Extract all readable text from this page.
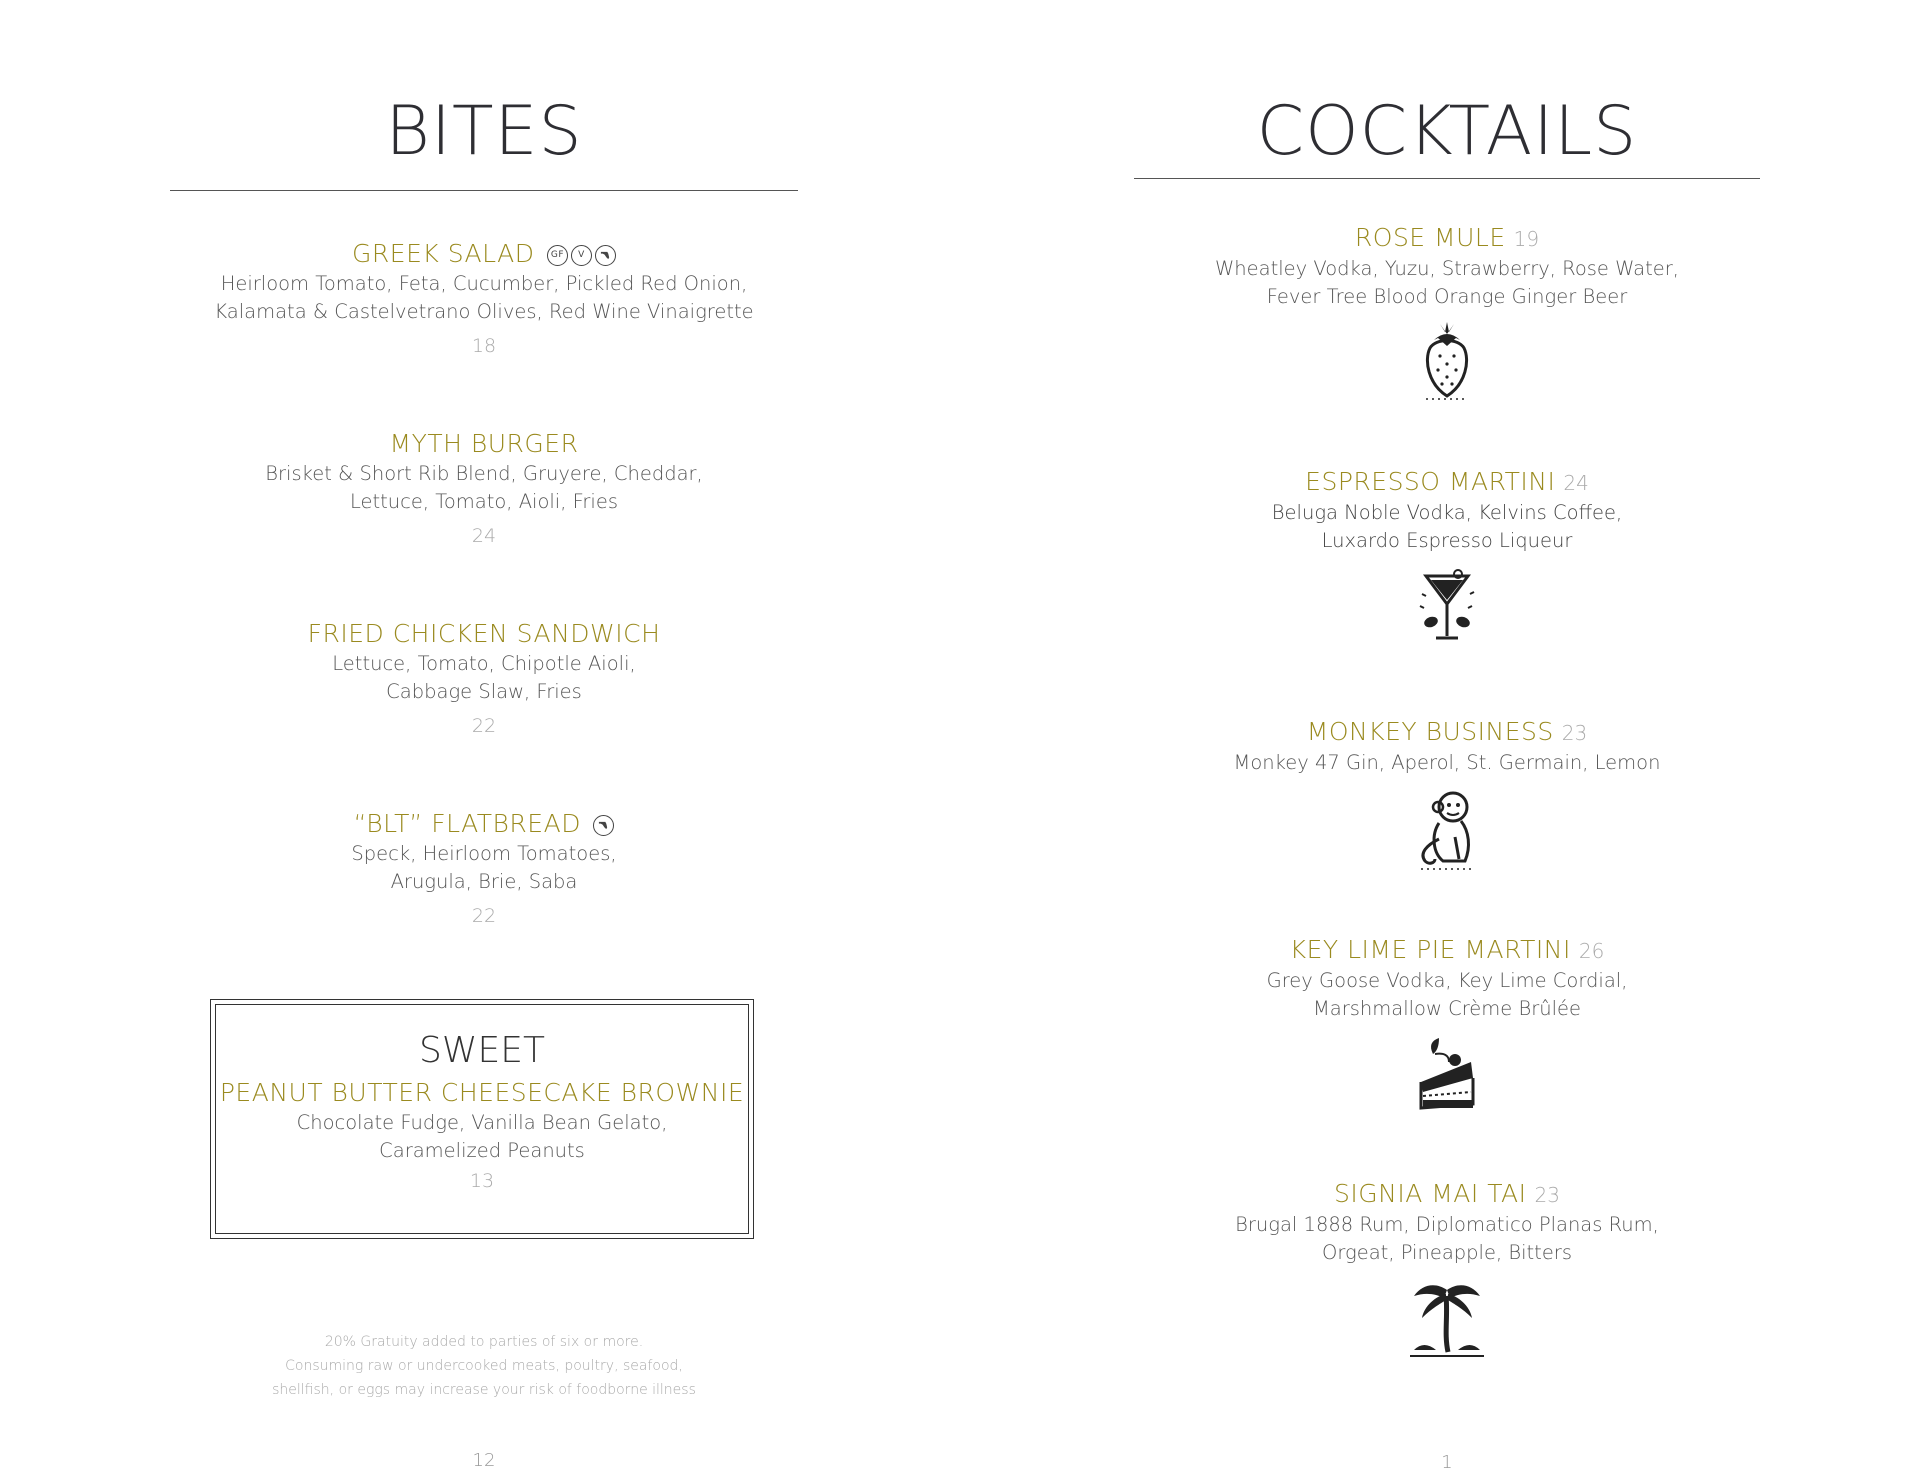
BITES
GREEK SALAD	GF	V
Heirloom Tomato, Feta, Cucumber, Pickled Red Onion,
Kalamata & Castelvetrano Olives, Red Wine Vinaigrette
18
MYTH BURGER
Brisket & Short Rib Blend, Gruyere, Cheddar,
Lettuce, Tomato, Aioli, Fries
24
FRIED CHICKEN SANDWICH
Lettuce, Tomato, Chipotle Aioli,
Cabbage Slaw, Fries
22
“BLT” FLATBREAD
Speck, Heirloom Tomatoes,
Arugula, Brie, Saba
22
SWEET
PEANUT BUTTER CHEESECAKE BROWNIE
Chocolate Fudge, Vanilla Bean Gelato,
Caramelized Peanuts
13
20% Gratuity added to parties of six or more.
Consuming raw or undercooked meats, poultry, seafood,
shellfish, or eggs may increase your risk of foodborne illness
12
COCKTAILS
ROSE MULE 19
Wheatley Vodka, Yuzu, Strawberry, Rose Water,
Fever Tree Blood Orange Ginger Beer
ESPRESSO MARTINI 24
Beluga Noble Vodka, Kelvins Coffee,
Luxardo Espresso Liqueur
MONKEY BUSINESS 23
Monkey 47 Gin, Aperol, St. Germain, Lemon
KEY LIME PIE MARTINI 26
Grey Goose Vodka, Key Lime Cordial,
Marshmallow Crème Brûlée
SIGNIA MAI TAI 23
Brugal 1888 Rum, Diplomatico Planas Rum,
Orgeat, Pineapple, Bitters
1
